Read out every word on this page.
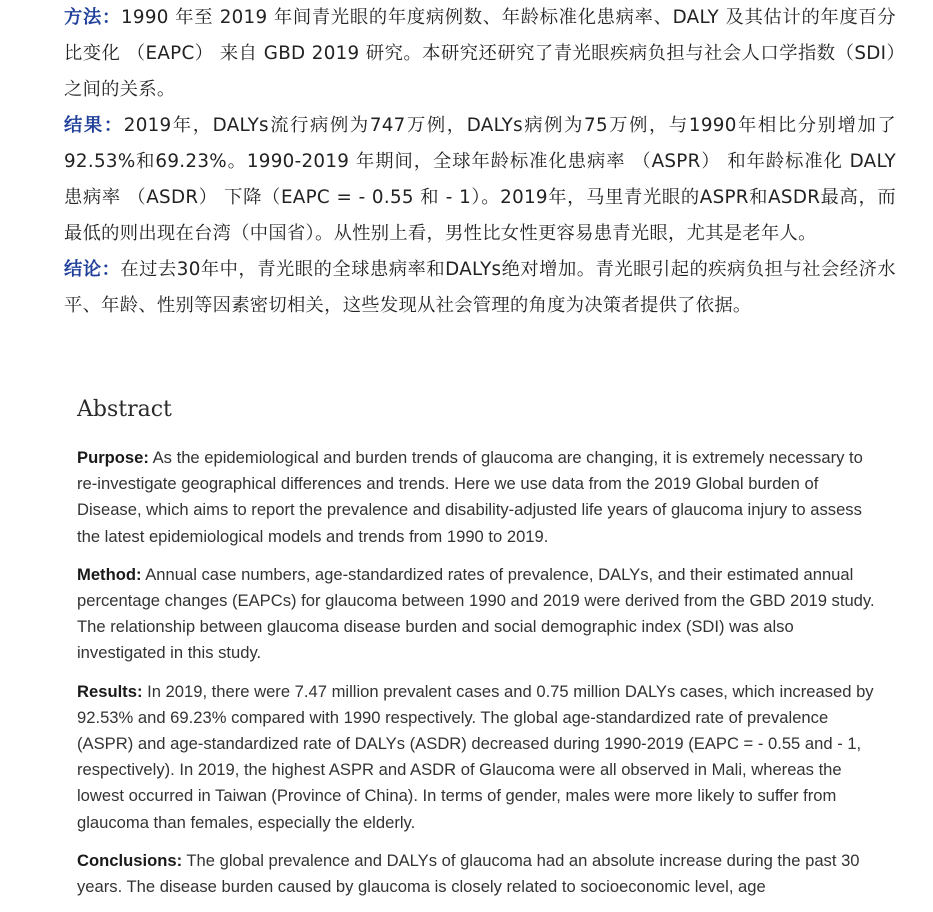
方法：1990 年至 2019 年间青光眼的年度病例数、年龄标准化患病率、DALY 及其估计的年度百分比变化 （EAPC） 来自 GBD 2019 研究。本研究还研究了青光眼疾病负担与社会人口学指数（SDI）之间的关系。

结果：2019年，DALYs流行病例为747万例，DALYs病例为75万例，与1990年相比分别增加了92.53%和69.23%。1990-2019 年期间，全球年龄标准化患病率 （ASPR） 和年龄标准化 DALY 患病率 （ASDR） 下降（EAPC = - 0.55 和 - 1）。2019年，马里青光眼的ASPR和ASDR最高，而最低的则出现在台湾（中国省）。从性别上看，男性比女性更容易患青光眼，尤其是老年人。

结论：在过去30年中，青光眼的全球患病率和DALYs绝对增加。青光眼引起的疾病负担与社会经济水平、年龄、性别等因素密切相关，这些发现从社会管理的角度为决策者提供了依据。

Abstract

Purpose: As the epidemiological and burden trends of glaucoma are changing, it is extremely necessary to re-investigate geographical differences and trends. Here we use data from the 2019 Global burden of Disease, which aims to report the prevalence and disability-adjusted life years of glaucoma injury to assess the latest epidemiological models and trends from 1990 to 2019.

Method: Annual case numbers, age-standardized rates of prevalence, DALYs, and their estimated annual percentage changes (EAPCs) for glaucoma between 1990 and 2019 were derived from the GBD 2019 study. The relationship between glaucoma disease burden and social demographic index (SDI) was also investigated in this study.

Results: In 2019, there were 7.47 million prevalent cases and 0.75 million DALYs cases, which increased by 92.53% and 69.23% compared with 1990 respectively. The global age-standardized rate of prevalence (ASPR) and age-standardized rate of DALYs (ASDR) decreased during 1990-2019 (EAPC = - 0.55 and - 1, respectively). In 2019, the highest ASPR and ASDR of Glaucoma were all observed in Mali, whereas the lowest occurred in Taiwan (Province of China). In terms of gender, males were more likely to suffer from glaucoma than females, especially the elderly.

Conclusions: The global prevalence and DALYs of glaucoma had an absolute increase during the past 30 years. The disease burden caused by glaucoma is closely related to socioeconomic level, age
